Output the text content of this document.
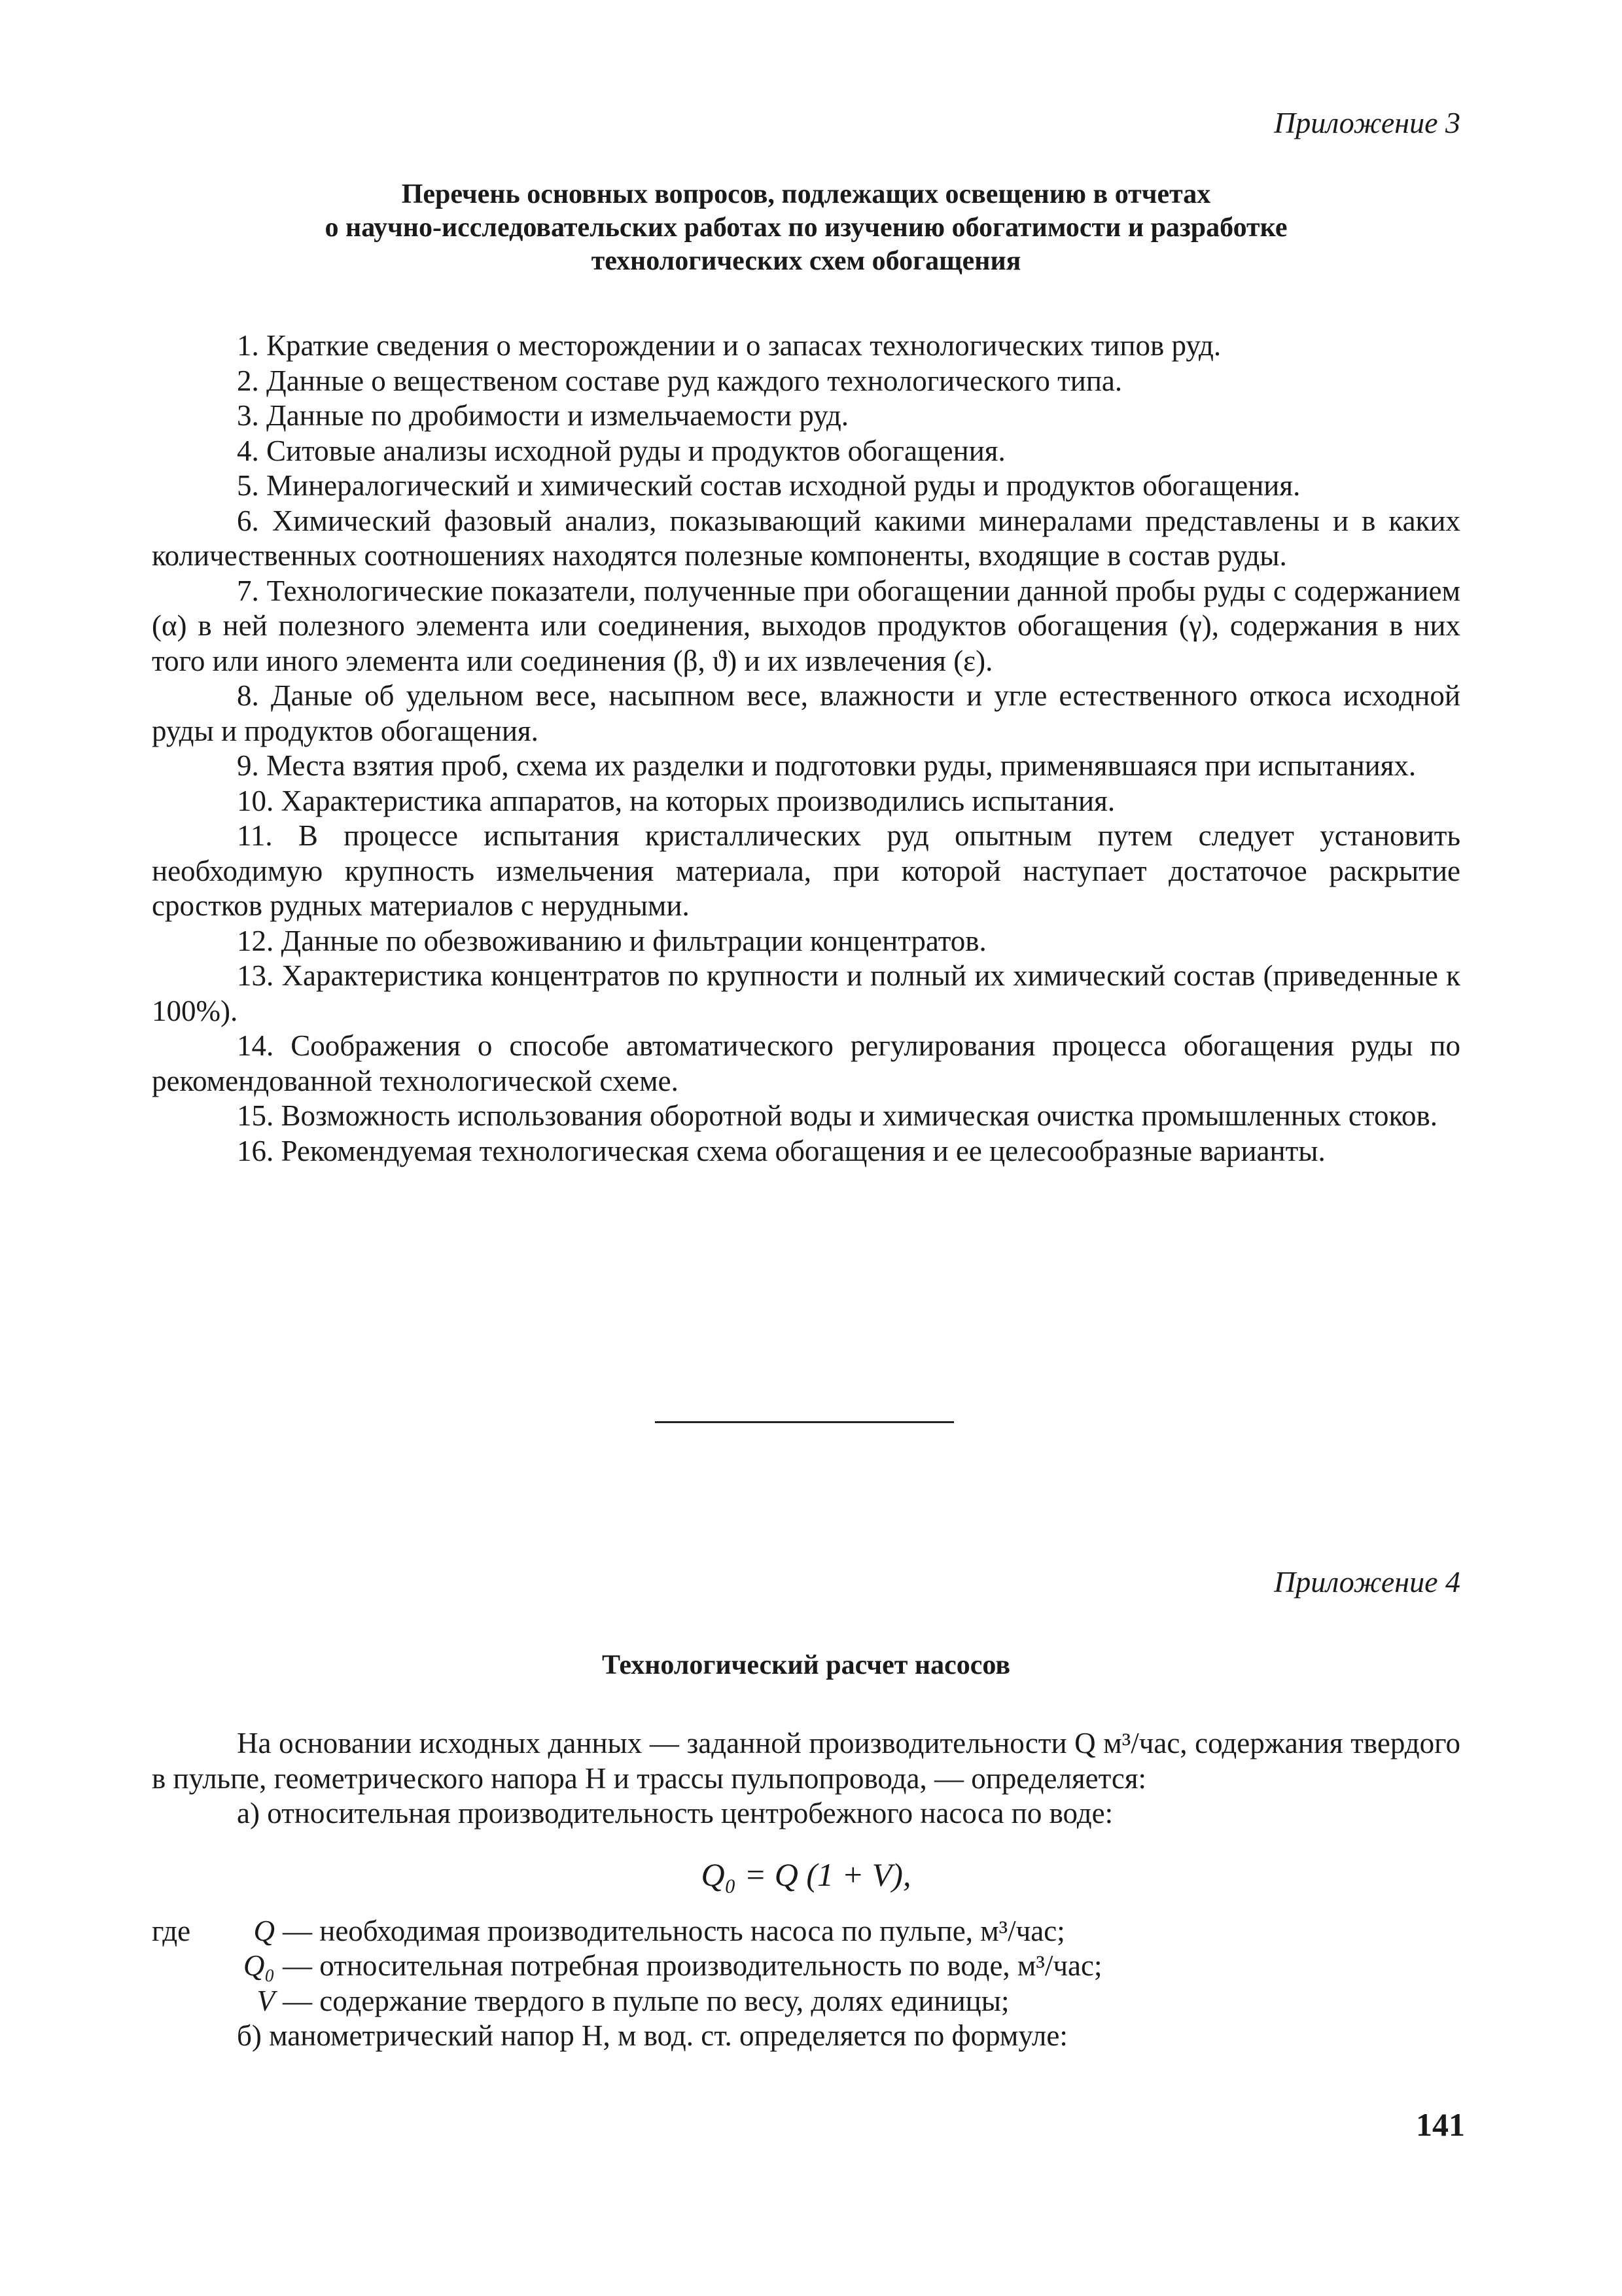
Приложение 3
Перечень основных вопросов, подлежащих освещению в отчетах
о научно-исследовательских работах по изучению обогатимости и разработке
технологических схем обогащения

1. Краткие сведения о месторождении и о запасах технологических типов руд.

2. Данные о вещественом составе руд каждого технологического типа.

3. Данные по дробимости и измельчаемости руд.

4. Ситовые анализы исходной руды и продуктов обогащения.

5. Минералогический и химический состав исходной руды и продуктов обогащения.

6. Химический фазовый анализ, показывающий какими минералами представлены и в каких количественных соотношениях находятся полезные компоненты, входящие в состав руды.

7. Технологические показатели, полученные при обогащении данной пробы руды с содержанием (α) в ней полезного элемента или соединения, выходов продуктов обогащения (γ), содержания в них того или иного элемента или соединения (β, ϑ) и их извлечения (ε).

8. Даные об удельном весе, насыпном весе, влажности и угле естественного откоса исходной руды и продуктов обогащения.

9. Места взятия проб, схема их разделки и подготовки руды, применявшаяся при испытаниях.

10. Характеристика аппаратов, на которых производились испытания.

11. В процессе испытания кристаллических руд опытным путем следует установить необходимую крупность измельчения материала, при которой наступает достаточое раскрытие сростков рудных материалов с нерудными.

12. Данные по обезвоживанию и фильтрации концентратов.

13. Характеристика концентратов по крупности и полный их химический состав (приведенные к 100%).

14. Соображения о способе автоматического регулирования процесса обогащения руды по рекомендованной технологической схеме.

15. Возможность использования оборотной воды и химическая очистка промышленных стоков.

16. Рекомендуемая технологическая схема обогащения и ее целесообразные варианты.

Приложение 4
Технологический расчет насосов

На основании исходных данных — заданной производительности Q м³/час, содержания твердого в пульпе, геометрического напора H и трассы пульпопровода, — определяется:

а) относительная производительность центробежного насоса по воде:

Q₀ = Q (1 + V),
где	Q — необходимая производительность насоса по пульпе, м³/час;
Q₀ — относительная потребная производительность по воде, м³/час;
V — содержание твердого в пульпе по весу, долях единицы;

б) манометрический напор H, м вод. ст. определяется по формуле:

141
